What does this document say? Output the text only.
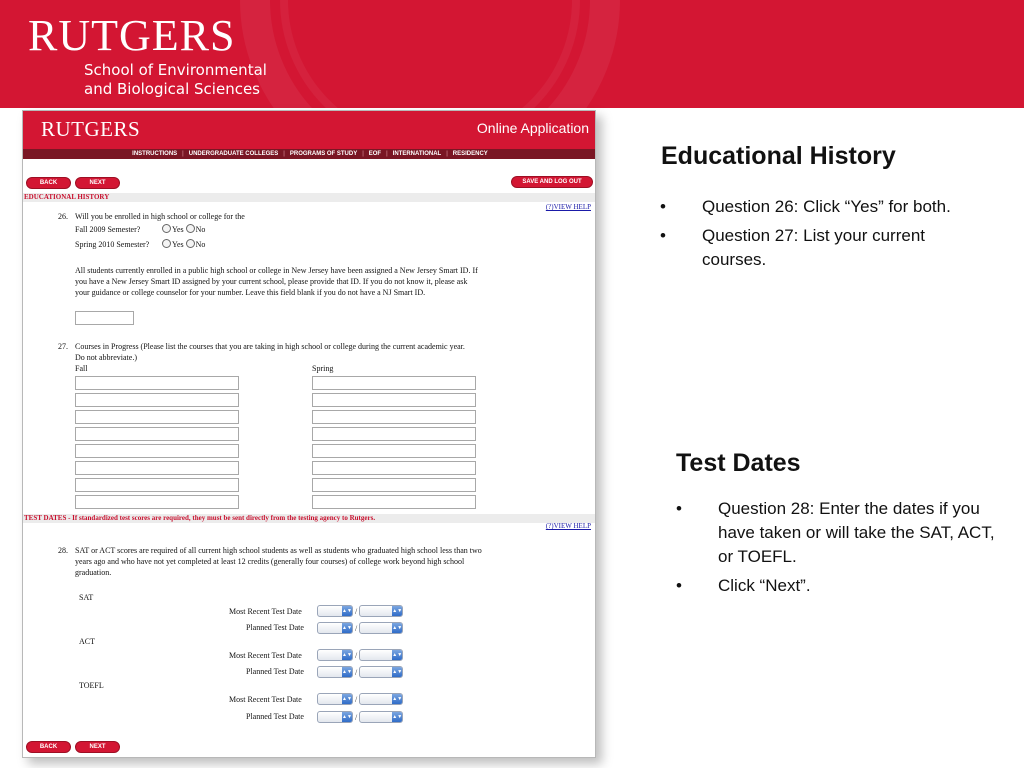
RUTGERS
School of Environmental
and Biological Sciences
RUTGERS	Online Application
INSTRUCTIONS | UNDERGRADUATE COLLEGES | PROGRAMS OF STUDY | EOF | INTERNATIONAL | RESIDENCY
BACK	NEXT	SAVE AND LOG OUT
EDUCATIONAL HISTORY
(?)VIEW HELP
26. Will you be enrolled in high school or college for the
Fall 2009 Semester?	Yes No
Spring 2010 Semester?	Yes No
All students currently enrolled in a public high school or college in New Jersey have been assigned a New Jersey Smart ID. If you have a New Jersey Smart ID assigned by your current school, please provide that ID. If you do not know it, please ask your guidance or college counselor for your number. Leave this field blank if you do not have a NJ Smart ID.
27. Courses in Progress (Please list the courses that you are taking in high school or college during the current academic year. Do not abbreviate.)
Fall	Spring
TEST DATES - If standardized test scores are required, they must be sent directly from the testing agency to Rutgers.
(?)VIEW HELP
28. SAT or ACT scores are required of all current high school students as well as students who graduated high school less than two years ago and who have not yet completed at least 12 credits (generally four courses) of college work beyond high school graduation.
SAT
Most Recent Test Date	▲▼ /	▲▼
Planned Test Date	▲▼ /	▲▼
ACT
Most Recent Test Date	▲▼ /	▲▼
Planned Test Date	▲▼ /	▲▼
TOEFL
Most Recent Test Date	▲▼ /	▲▼
Planned Test Date	▲▼ /	▲▼
BACK	NEXT
Educational History
• Question 26: Click “Yes” for both.
• Question 27: List your current courses.
Test Dates
• Question 28: Enter the dates if you have taken or will take the SAT, ACT, or TOEFL.
• Click “Next”.
